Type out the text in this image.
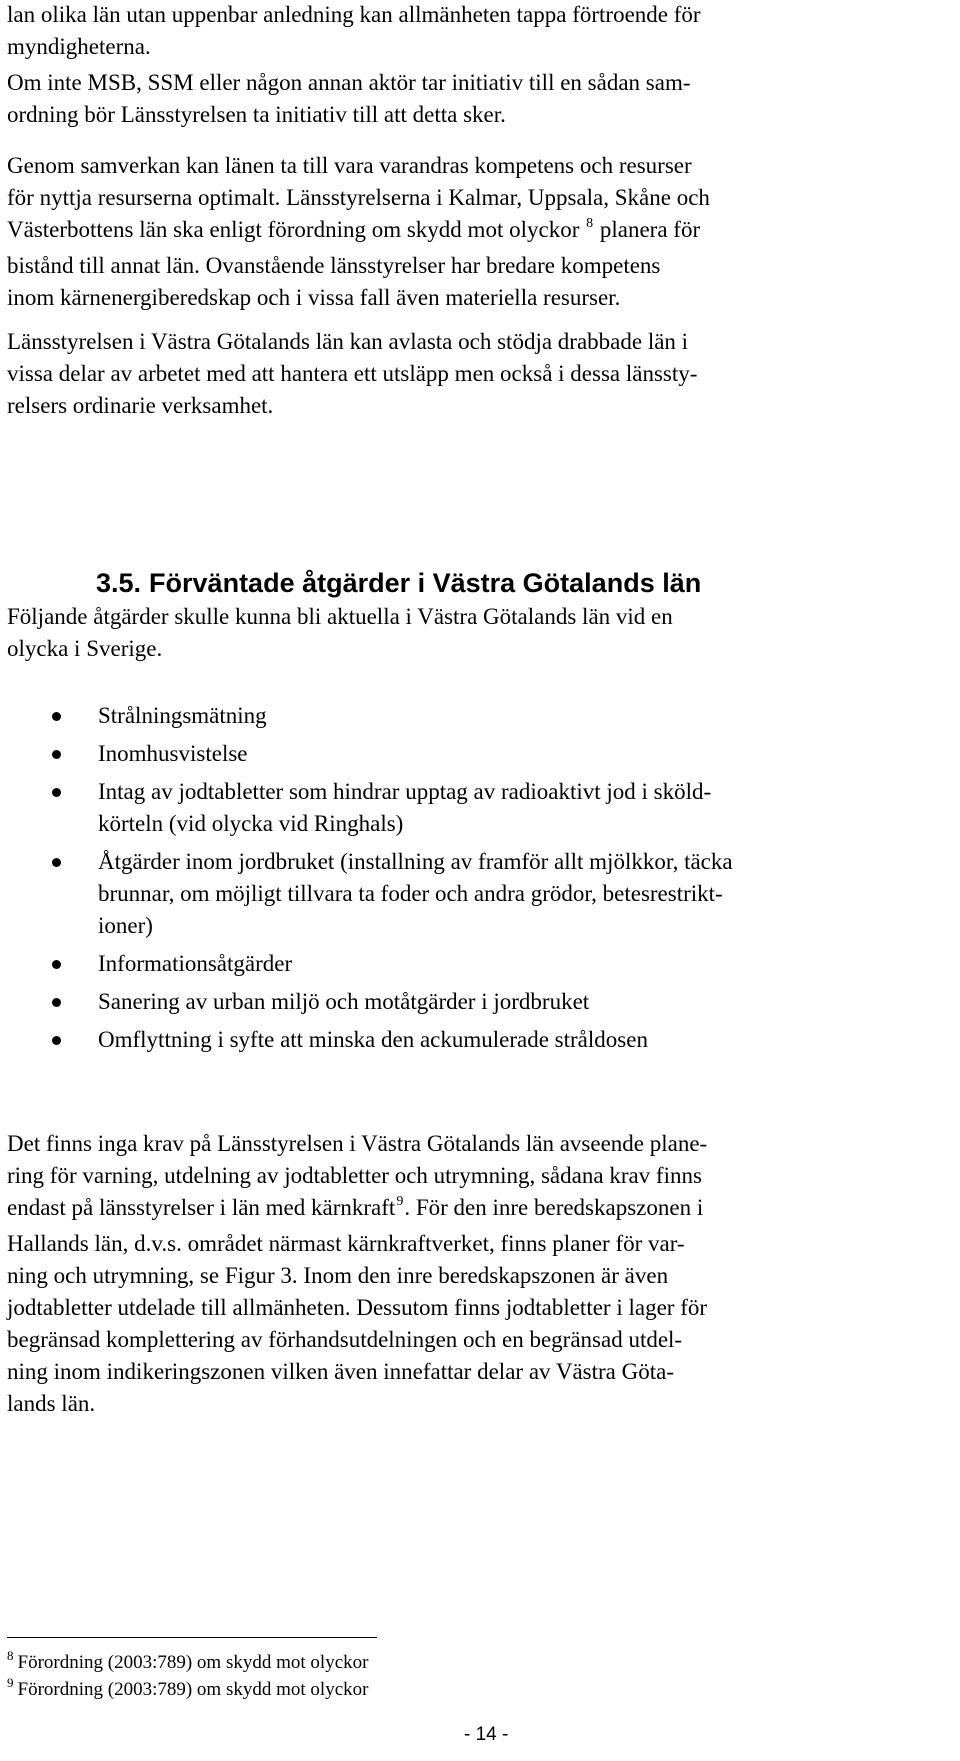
lan olika län utan uppenbar anledning kan allmänheten tappa förtroende för
myndigheterna.

Om inte MSB, SSM eller någon annan aktör tar initiativ till en sådan sam-
ordning bör Länsstyrelsen ta initiativ till att detta sker.

Genom samverkan kan länen ta till vara varandras kompetens och resurser
för nyttja resurserna optimalt. Länsstyrelserna i Kalmar, Uppsala, Skåne och
Västerbottens län ska enligt förordning om skydd mot olyckor $^8$ planera för
bistånd till annat län. Ovanstående länsstyrelser har bredare kompetens
inom kärnenergiberedskap och i vissa fall även materiella resurser.

Länsstyrelsen i Västra Götalands län kan avlasta och stödja drabbade län i
vissa delar av arbetet med att hantera ett utsläpp men också i dessa länssty-
relsers ordinarie verksamhet.

3.5. Förväntade åtgärder i Västra Götalands län

Följande åtgärder skulle kunna bli aktuella i Västra Götalands län vid en
olycka i Sverige.

Strålningsmätning
Inomhusvistelse
Intag av jodtabletter som hindrar upptag av radioaktivt jod i sköld-
körteln (vid olycka vid Ringhals)
Åtgärder inom jordbruket (installning av framför allt mjölkkor, täcka
brunnar, om möjligt tillvara ta foder och andra grödor, betesrestrikt-
ioner)
Informationsåtgärder
Sanering av urban miljö och motåtgärder i jordbruket
Omflyttning i syfte att minska den ackumulerade stråldosen

Det finns inga krav på Länsstyrelsen i Västra Götalands län avseende plane-
ring för varning, utdelning av jodtabletter och utrymning, sådana krav finns
endast på länsstyrelser i län med kärnkraft$^9$. För den inre beredskapszonen i
Hallands län, d.v.s. området närmast kärnkraftverket, finns planer för var-
ning och utrymning, se Figur 3. Inom den inre beredskapszonen är även
jodtabletter utdelade till allmänheten. Dessutom finns jodtabletter i lager för
begränsad komplettering av förhandsutdelningen och en begränsad utdel-
ning inom indikeringszonen vilken även innefattar delar av Västra Göta-
lands län.

$^8$ Förordning (2003:789) om skydd mot olyckor
$^9$ Förordning (2003:789) om skydd mot olyckor
- 14 -
